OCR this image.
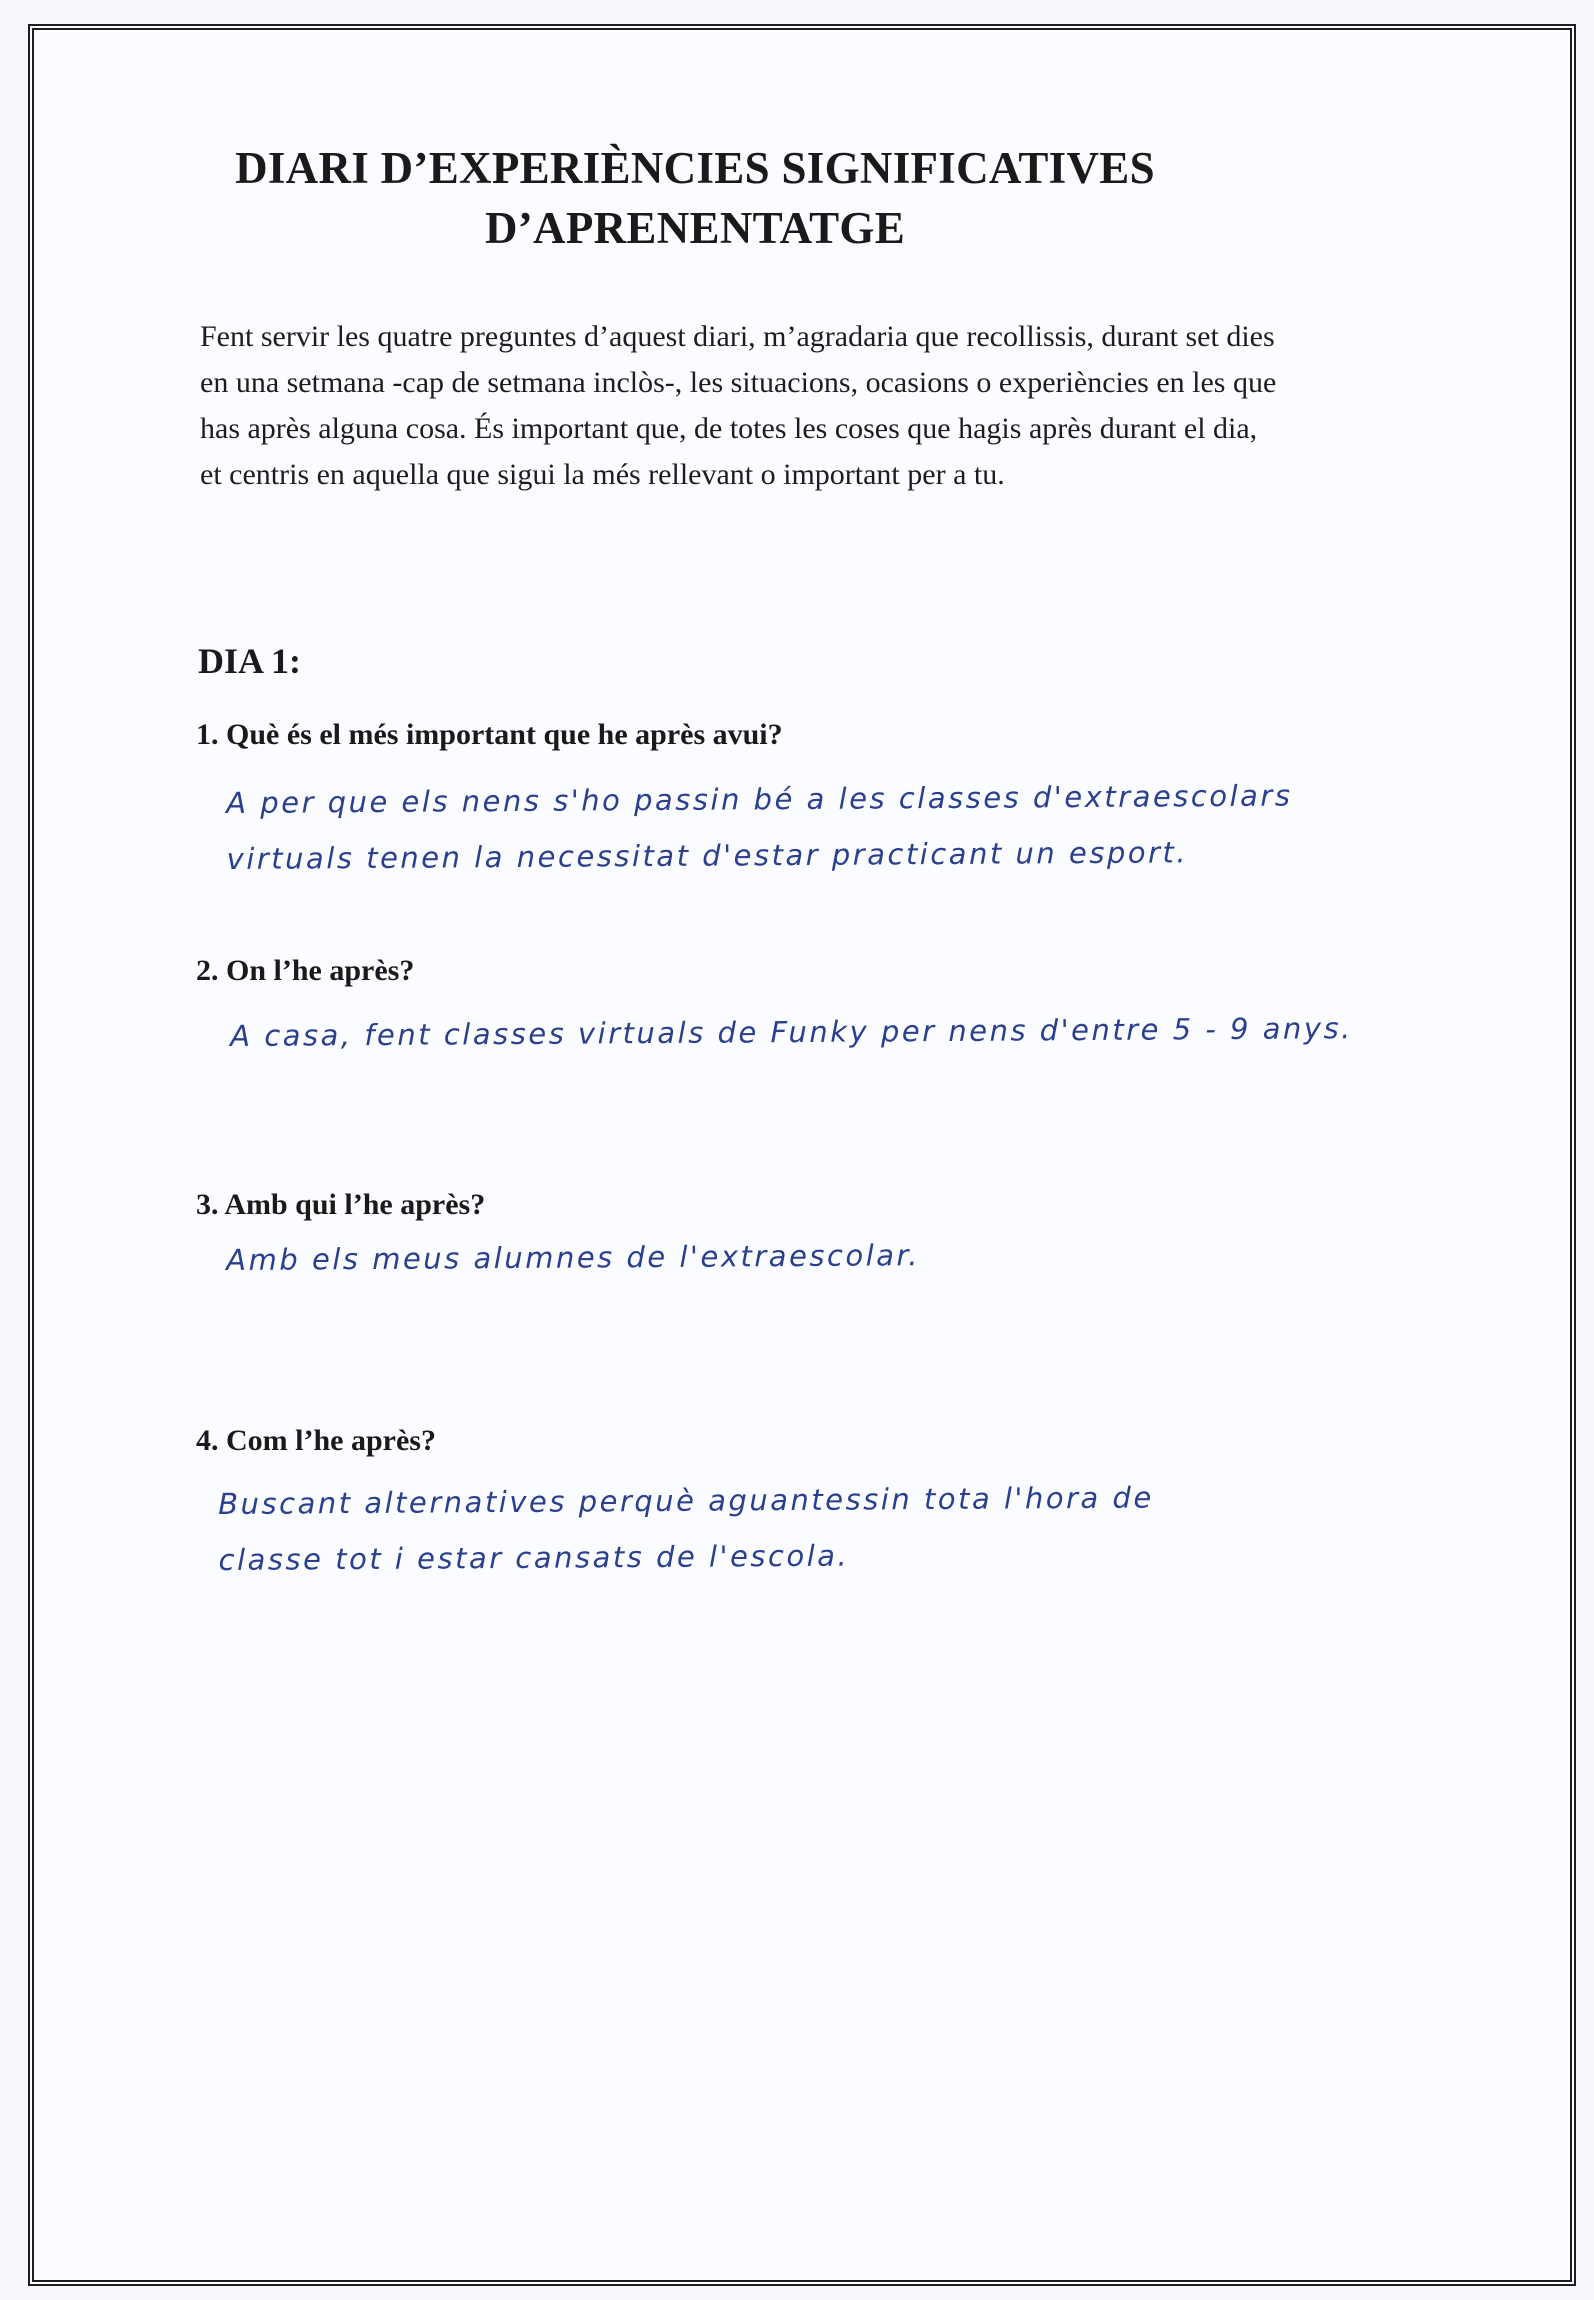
DIARI D’EXPERIÈNCIES SIGNIFICATIVES
D’APRENENTATGE

Fent servir les quatre preguntes d’aquest diari, m’agradaria que recollissis, durant set dies
en una setmana -cap de setmana inclòs-, les situacions, ocasions o experiències en les que
has après alguna cosa. És important que, de totes les coses que hagis après durant el dia,
et centris en aquella que sigui la més rellevant o important per a tu.

DIA 1:
1. Què és el més important que he après avui?
A per que els nens s'ho passin bé a les classes d'extraescolars
virtuals tenen la necessitat d'estar practicant un esport.
2. On l’he après?
A casa, fent classes virtuals de Funky per nens d'entre 5 - 9 anys.
3. Amb qui l’he après?
Amb els meus alumnes de l'extraescolar.
4. Com l’he après?
Buscant alternatives perquè aguantessin tota l'hora de
classe tot i estar cansats de l'escola.
